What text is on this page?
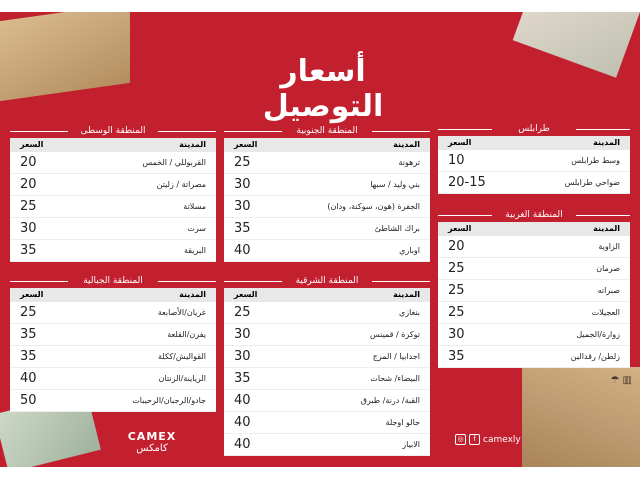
☂ ▥
أسعار التوصيل
طرابلس
المدينة
السعر
وسط طرابلس
10
ضواحي طرابلس
20-15
المنطقة الغربية
المدينة
السعر
الزاوية
20
صرمان
25
صبراته
25
العجيلات
25
زوارة/الجميل
30
زلطن/ رقدالين
35
المنطقة الجنوبية
المدينة
السعر
ترهونة
25
بني وليد / سبها
30
الجفرة (هون، سوكنة، ودان)
30
براك الشاطئ
35
اوباري
40
المنطقة الشرقية
المدينة
السعر
بنغازي
25
توكرة / قمينس
30
اجدابيا / المرج
30
البيضاء/ شحات
35
القبة/ درنة/ طبرق
40
جالو اوجلة
40
الابيار
40
المنطقة الوسطى
المدينة
السعر
القربوللي / الخمس
20
مصراتة / زليتن
20
مسلاتة
25
سرت
30
البريقة
35
المنطقة الجبالية
المدينة
السعر
غريان/الأصابعة
25
يفرن/القلعة
35
القواليش/ككلة
35
الرياينة/الزنتان
40
جادو/الرجبان/الرحيبات
50
CAMEX
كامكس
◎	f camexly
